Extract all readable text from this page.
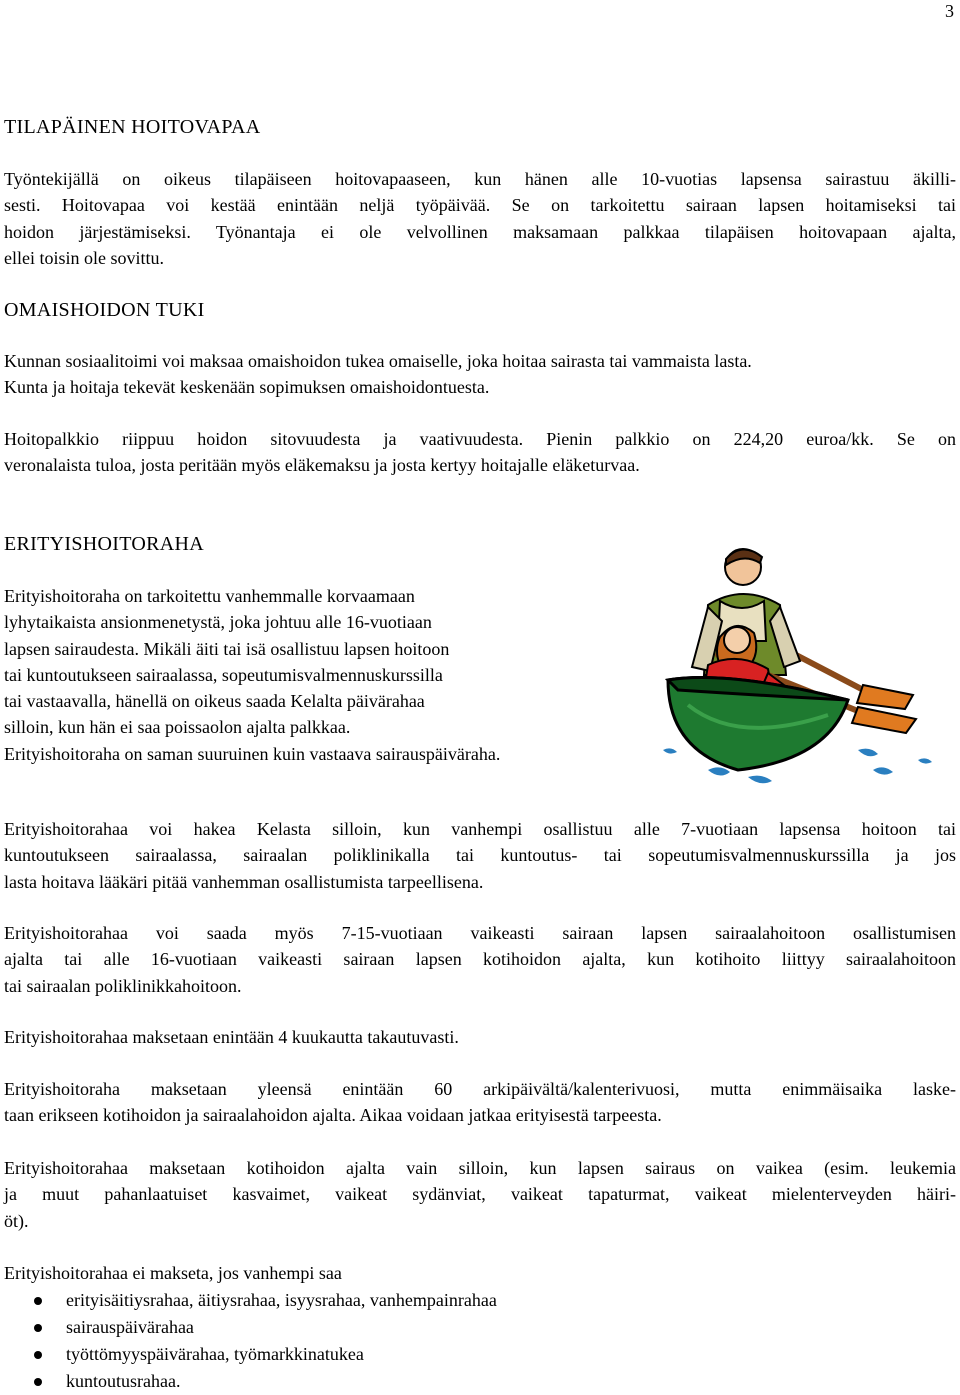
3
TILAPÄINEN HOITOVAPAA

Työntekijällä on oikeus tilapäiseen hoitovapaaseen, kun hänen alle 10-vuotias lapsensa sairastuu äkilli-
sesti. Hoitovapaa voi kestää enintään neljä työpäivää. Se on tarkoitettu sairaan lapsen hoitamiseksi tai
hoidon järjestämiseksi. Työnantaja ei ole velvollinen maksamaan palkkaa tilapäisen hoitovapaan ajalta,
ellei toisin ole sovittu.

OMAISHOIDON TUKI

Kunnan sosiaalitoimi voi maksaa omaishoidon tukea omaiselle, joka hoitaa sairasta tai vammaista lasta.
Kunta ja hoitaja tekevät keskenään sopimuksen omaishoidontuesta.

Hoitopalkkio riippuu hoidon sitovuudesta ja vaativuudesta. Pienin palkkio on 224,20 euroa/kk. Se on
veronalaista tuloa, josta peritään myös eläkemaksu ja josta kertyy hoitajalle eläketurvaa.

ERITYISHOITORAHA

Erityishoitoraha on tarkoitettu vanhemmalle korvaamaan
lyhytaikaista ansionmenetystä, joka johtuu alle 16-vuotiaan
lapsen sairaudesta. Mikäli äiti tai isä osallistuu lapsen hoitoon
tai kuntoutukseen sairaalassa, sopeutumisvalmennuskurssilla
tai vastaavalla, hänellä on oikeus saada Kelalta päivärahaa
silloin, kun hän ei saa poissaolon ajalta palkkaa.
Erityishoitoraha on saman suuruinen kuin vastaava sairauspäiväraha.

Erityishoitorahaa voi hakea Kelasta silloin, kun vanhempi osallistuu alle 7-vuotiaan lapsensa hoitoon tai
kuntoutukseen sairaalassa, sairaalan poliklinikalla tai kuntoutus- tai sopeutumisvalmennuskurssilla ja jos
lasta hoitava lääkäri pitää vanhemman osallistumista tarpeellisena.

Erityishoitorahaa voi saada myös 7-15-vuotiaan vaikeasti sairaan lapsen sairaalahoitoon osallistumisen
ajalta tai alle 16-vuotiaan vaikeasti sairaan lapsen kotihoidon ajalta, kun kotihoito liittyy sairaalahoitoon
tai sairaalan poliklinikkahoitoon.

Erityishoitorahaa maksetaan enintään 4 kuukautta takautuvasti.

Erityishoitoraha maksetaan yleensä enintään 60 arkipäivältä/kalenterivuosi, mutta enimmäisaika laske-
taan erikseen kotihoidon ja sairaalahoidon ajalta. Aikaa voidaan jatkaa erityisestä tarpeesta.

Erityishoitorahaa maksetaan kotihoidon ajalta vain silloin, kun lapsen sairaus on vaikea (esim. leukemia
ja muut pahanlaatuiset kasvaimet, vaikeat sydänviat, vaikeat tapaturmat, vaikeat mielenterveyden häiri-
öt).

Erityishoitorahaa ei makseta, jos vanhempi saa

erityisäitiysrahaa, äitiysrahaa, isyysrahaa, vanhempainrahaa
sairauspäivärahaa
työttömyyspäivärahaa, työmarkkinatukea
kuntoutusrahaa.
